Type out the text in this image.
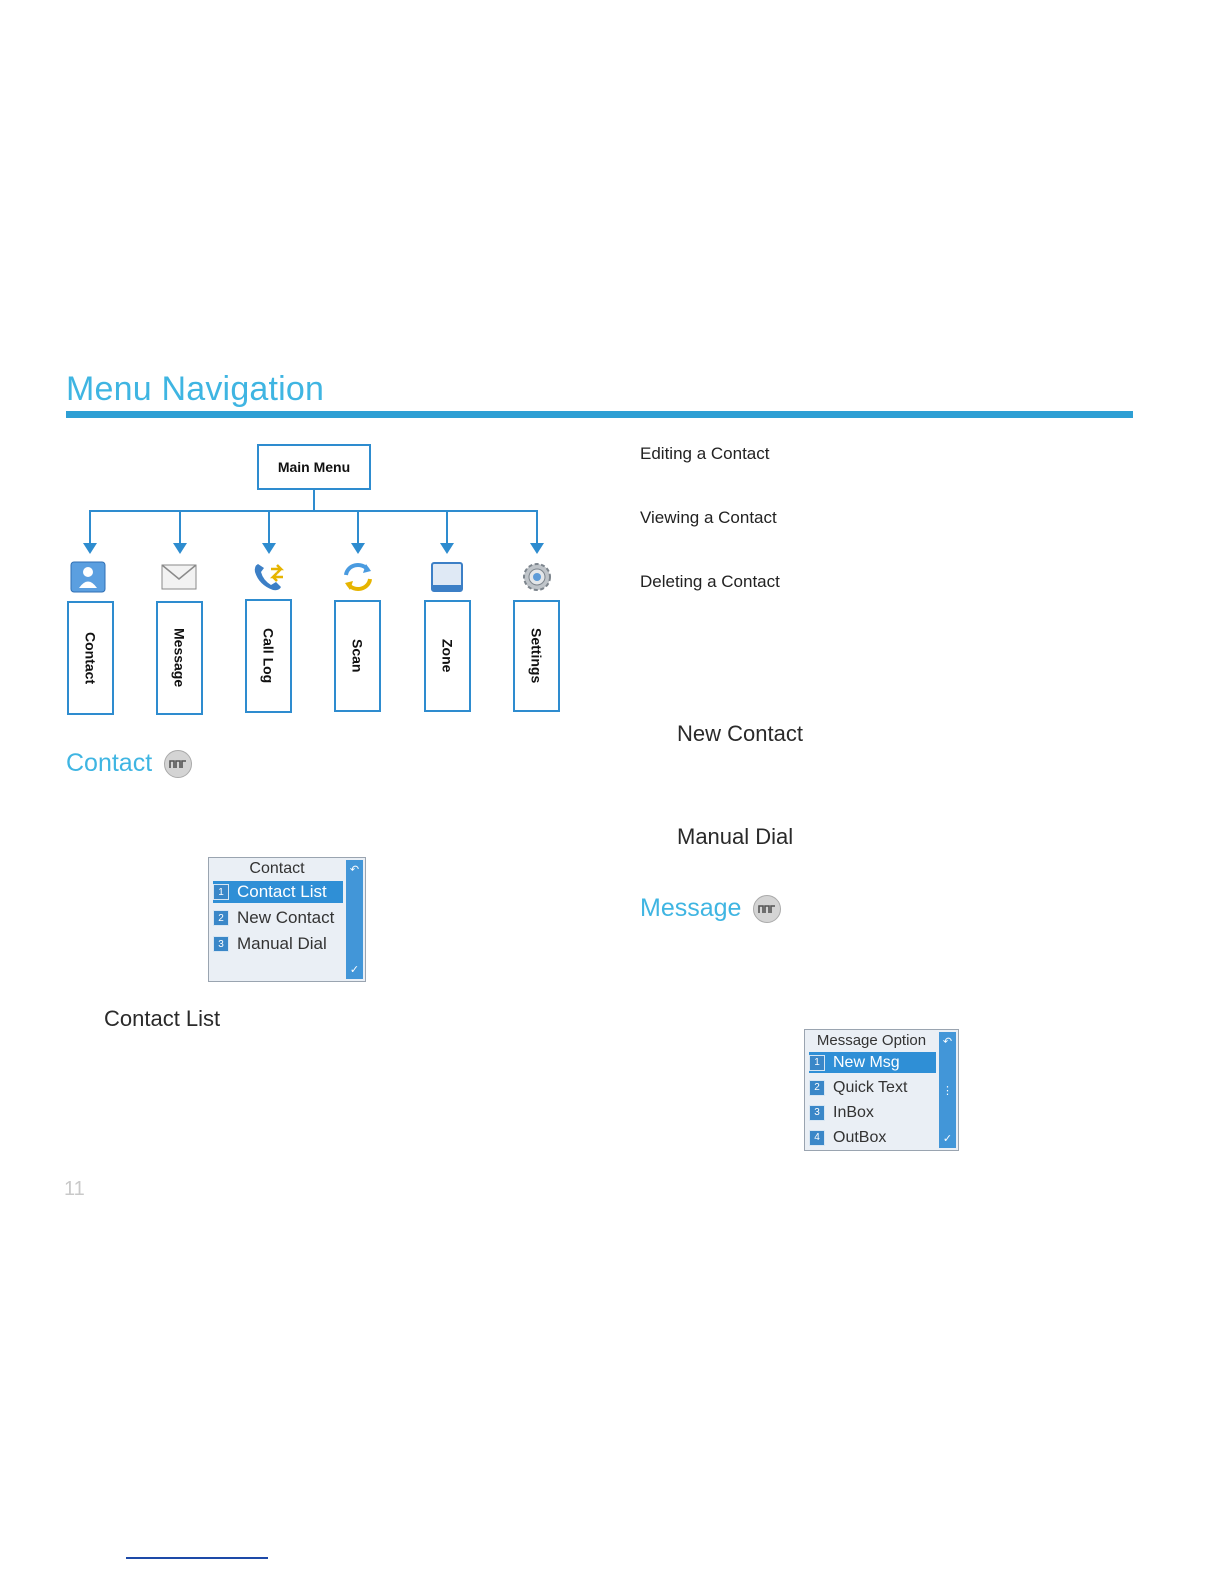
Menu Navigation
Main Menu
Contact	Message	Call Log	Scan	Zone	Settings
Contact
Contact
1 Contact List
2 New Contact
3 Manual Dial
↶
✓
Contact List
Editing a Contact
Viewing a Contact
Deleting a Contact
New Contact
Manual Dial
Message
Message Option
1 New Msg
2 Quick Text
3 InBox
4 OutBox
↶
⋮
✓
11
